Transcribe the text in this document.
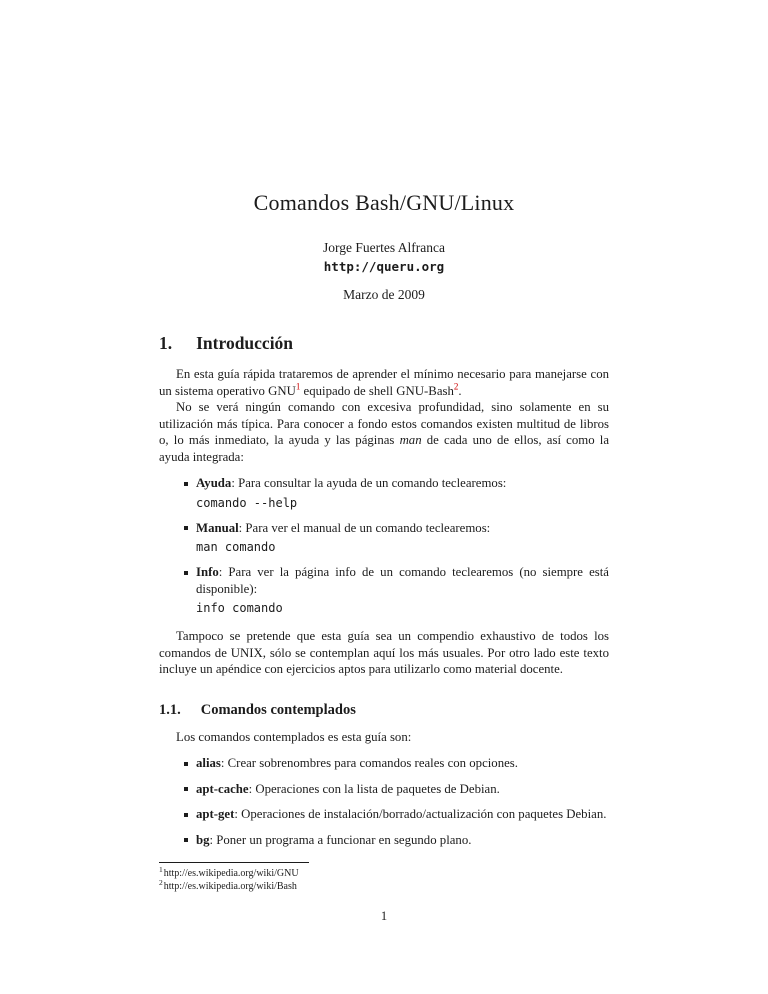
Comandos Bash/GNU/Linux
Jorge Fuertes Alfranca
http://queru.org
Marzo de 2009
1. Introducción

En esta guía rápida trataremos de aprender el mínimo necesario para manejarse con un sistema operativo GNU$^1$ equipado de shell GNU-Bash$^2$.

No se verá ningún comando con excesiva profundidad, sino solamente en su utilización más típica. Para conocer a fondo estos comandos existen multitud de libros o, lo más inmediato, la ayuda y las páginas man de cada uno de ellos, así como la ayuda integrada:

Ayuda: Para consultar la ayuda de un comando teclearemos:
comando --help
Manual: Para ver el manual de un comando teclearemos:
man comando
Info: Para ver la página info de un comando teclearemos (no siempre está disponible):
info comando

Tampoco se pretende que esta guía sea un compendio exhaustivo de todos los comandos de UNIX, sólo se contemplan aquí los más usuales. Por otro lado este texto incluye un apéndice con ejercicios aptos para utilizarlo como material docente.

1.1. Comandos contemplados

Los comandos contemplados es esta guía son:

alias: Crear sobrenombres para comandos reales con opciones.
apt-cache: Operaciones con la lista de paquetes de Debian.
apt-get: Operaciones de instalación/borrado/actualización con paquetes Debian.
bg: Poner un programa a funcionar en segundo plano.
$^1$http://es.wikipedia.org/wiki/GNU
$^2$http://es.wikipedia.org/wiki/Bash
1
